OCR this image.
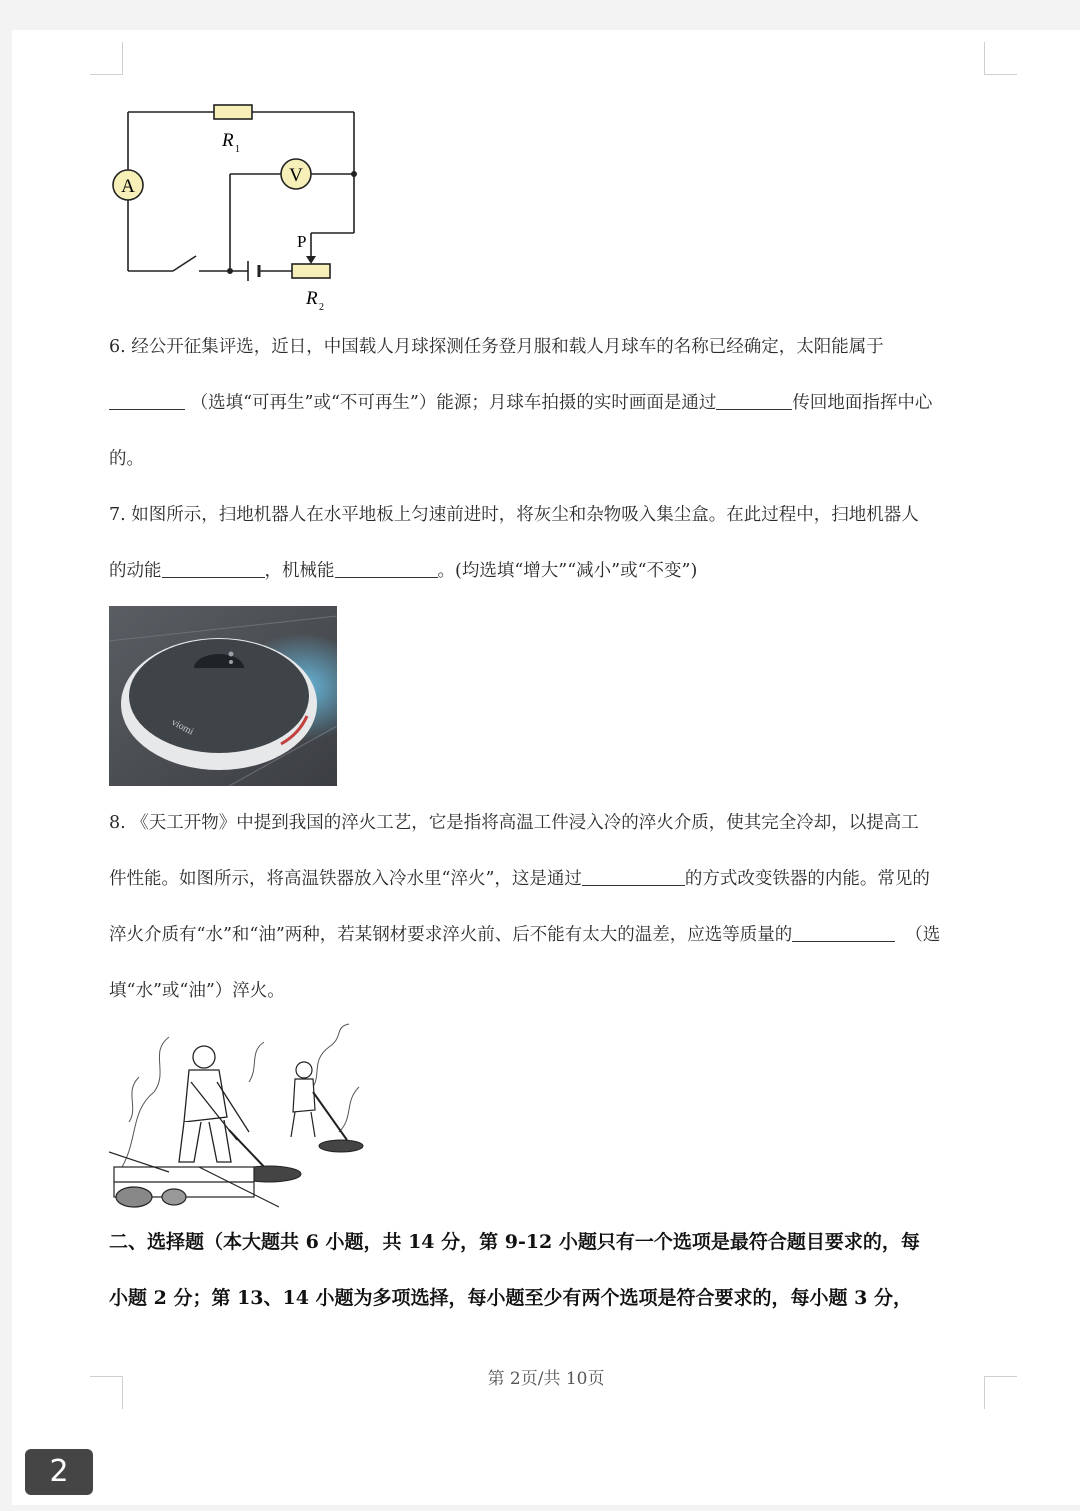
A
V
R 1
P
R 2
6. 经公开征集评选，近日，中国载人月球探测任务登月服和载人月球车的名称已经确定，太阳能属于
（选填“可再生”或“不可再生”）能源；月球车拍摄的实时画面是通过	传回地面指挥中心
的。
7. 如图所示，扫地机器人在水平地板上匀速前进时，将灰尘和杂物吸入集尘盒。在此过程中，扫地机器人
的动能	，机械能	。(均选填“增大”“减小”或“不变”)
viomi
8. 《天工开物》中提到我国的淬火工艺，它是指将高温工件浸入冷的淬火介质，使其完全冷却，以提高工
件性能。如图所示，将高温铁器放入冷水里“淬火”，这是通过	的方式改变铁器的内能。常见的
淬火介质有“水”和“油”两种，若某钢材要求淬火前、后不能有太大的温差，应选等质量的	（选
填“水”或“油”）淬火。
二、选择题（本大题共 6 小题，共 14 分，第 9-12 小题只有一个选项是最符合题目要求的，每
小题 2 分；第 13、14 小题为多项选择，每小题至少有两个选项是符合要求的，每小题 3 分，
第 2页/共 10页
2
